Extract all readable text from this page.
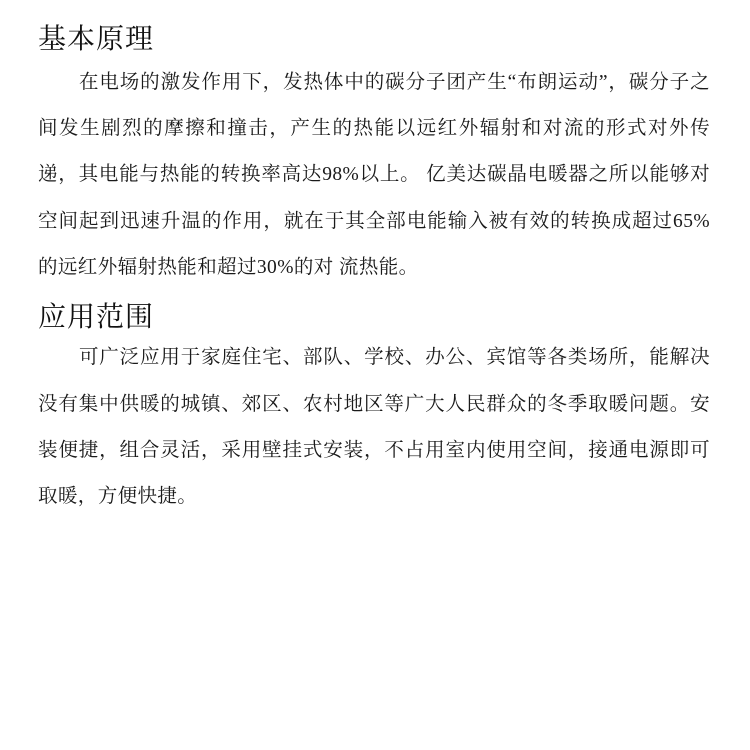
基本原理

在电场的激发作用下，发热体中的碳分子团产生“布朗运动”，碳分子之间发生剧烈的摩擦和撞击，产生的热能以远红外辐射和对流的形式对外传递，其电能与热能的转换率高达98%以上。 亿美达碳晶电暖器之所以能够对空间起到迅速升温的作用，就在于其全部电能输入被有效的转换成超过65%的远红外辐射热能和超过30%的对 流热能。

应用范围

可广泛应用于家庭住宅、部队、学校、办公、宾馆等各类场所，能解决没有集中供暖的城镇、郊区、农村地区等广大人民群众的冬季取暖问题。安装便捷，组合灵活，采用壁挂式安装，不占用室内使用空间，接通电源即可取暖，方便快捷。
